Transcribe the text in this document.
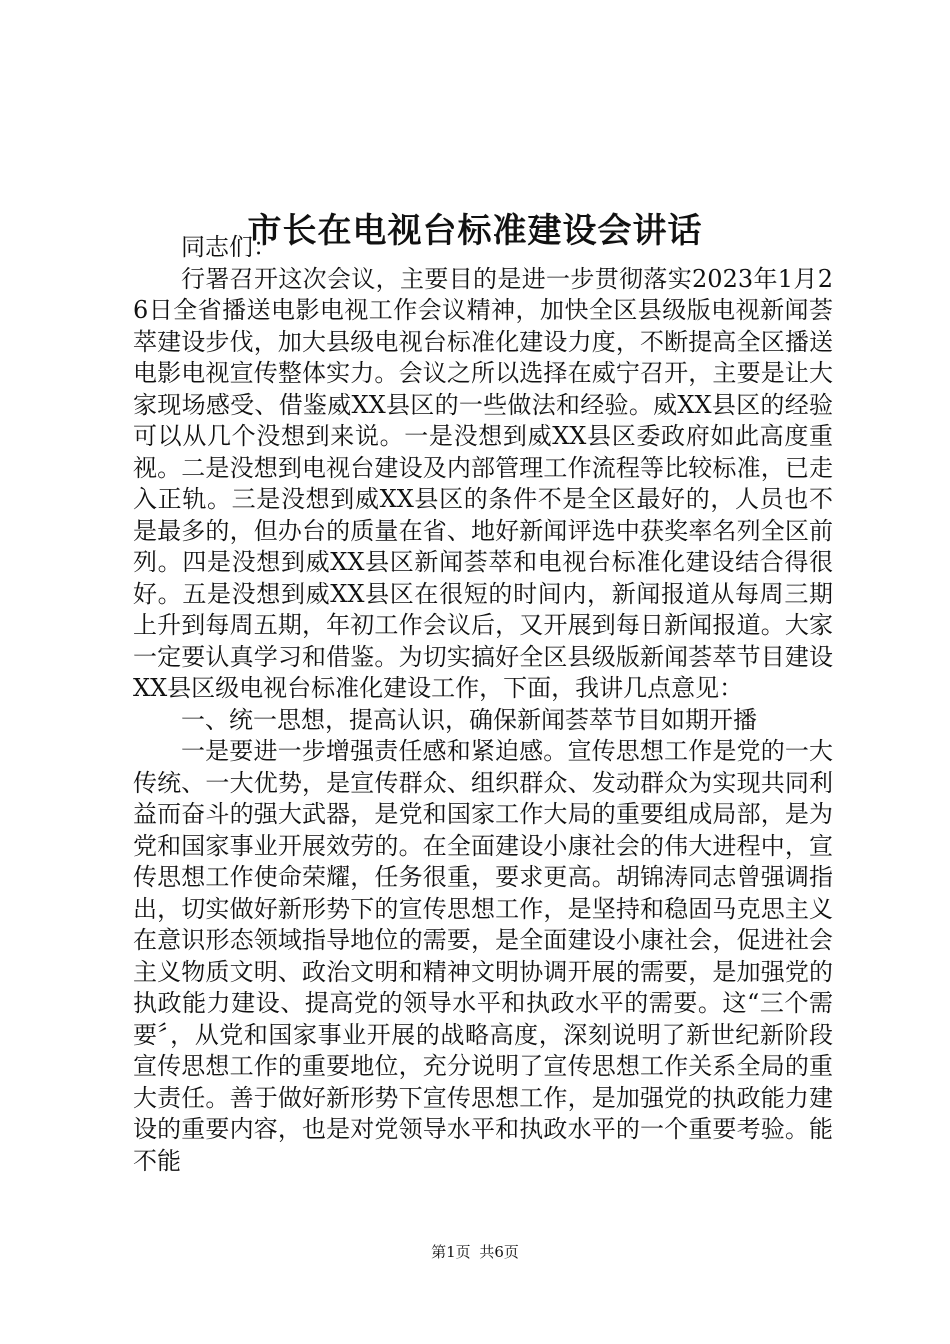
市长在电视台标准建设会讲话

同志们：

行署召开这次会议，主要目的是进一步贯彻落实2023年1月26日全省播送电影电视工作会议精神，加快全区县级版电视新闻荟萃建设步伐，加大县级电视台标准化建设力度，不断提高全区播送电影电视宣传整体实力。会议之所以选择在威宁召开，主要是让大家现场感受、借鉴威XX县区的一些做法和经验。威XX县区的经验可以从几个没想到来说。一是没想到威XX县区委政府如此高度重视。二是没想到电视台建设及内部管理工作流程等比较标准，已走入正轨。三是没想到威XX县区的条件不是全区最好的，人员也不是最多的，但办台的质量在省、地好新闻评选中获奖率名列全区前列。四是没想到威XX县区新闻荟萃和电视台标准化建设结合得很好。五是没想到威XX县区在很短的时间内，新闻报道从每周三期上升到每周五期，年初工作会议后，又开展到每日新闻报道。大家一定要认真学习和借鉴。为切实搞好全区县级版新闻荟萃节目建设XX县区级电视台标准化建设工作，下面，我讲几点意见：

一、统一思想，提高认识，确保新闻荟萃节目如期开播

一是要进一步增强责任感和紧迫感。宣传思想工作是党的一大传统、一大优势，是宣传群众、组织群众、发动群众为实现共同利益而奋斗的强大武器，是党和国家工作大局的重要组成局部，是为党和国家事业开展效劳的。在全面建设小康社会的伟大进程中，宣传思想工作使命荣耀，任务很重，要求更高。胡锦涛同志曾强调指出，切实做好新形势下的宣传思想工作，是坚持和稳固马克思主义在意识形态领域指导地位的需要，是全面建设小康社会，促进社会主义物质文明、政治文明和精神文明协调开展的需要，是加强党的执政能力建设、提高党的领导水平和执政水平的需要。这“三个需要〞，从党和国家事业开展的战略高度，深刻说明了新世纪新阶段宣传思想工作的重要地位，充分说明了宣传思想工作关系全局的重大责任。善于做好新形势下宣传思想工作，是加强党的执政能力建设的重要内容，也是对党领导水平和执政水平的一个重要考验。能不能

第1页 共6页
